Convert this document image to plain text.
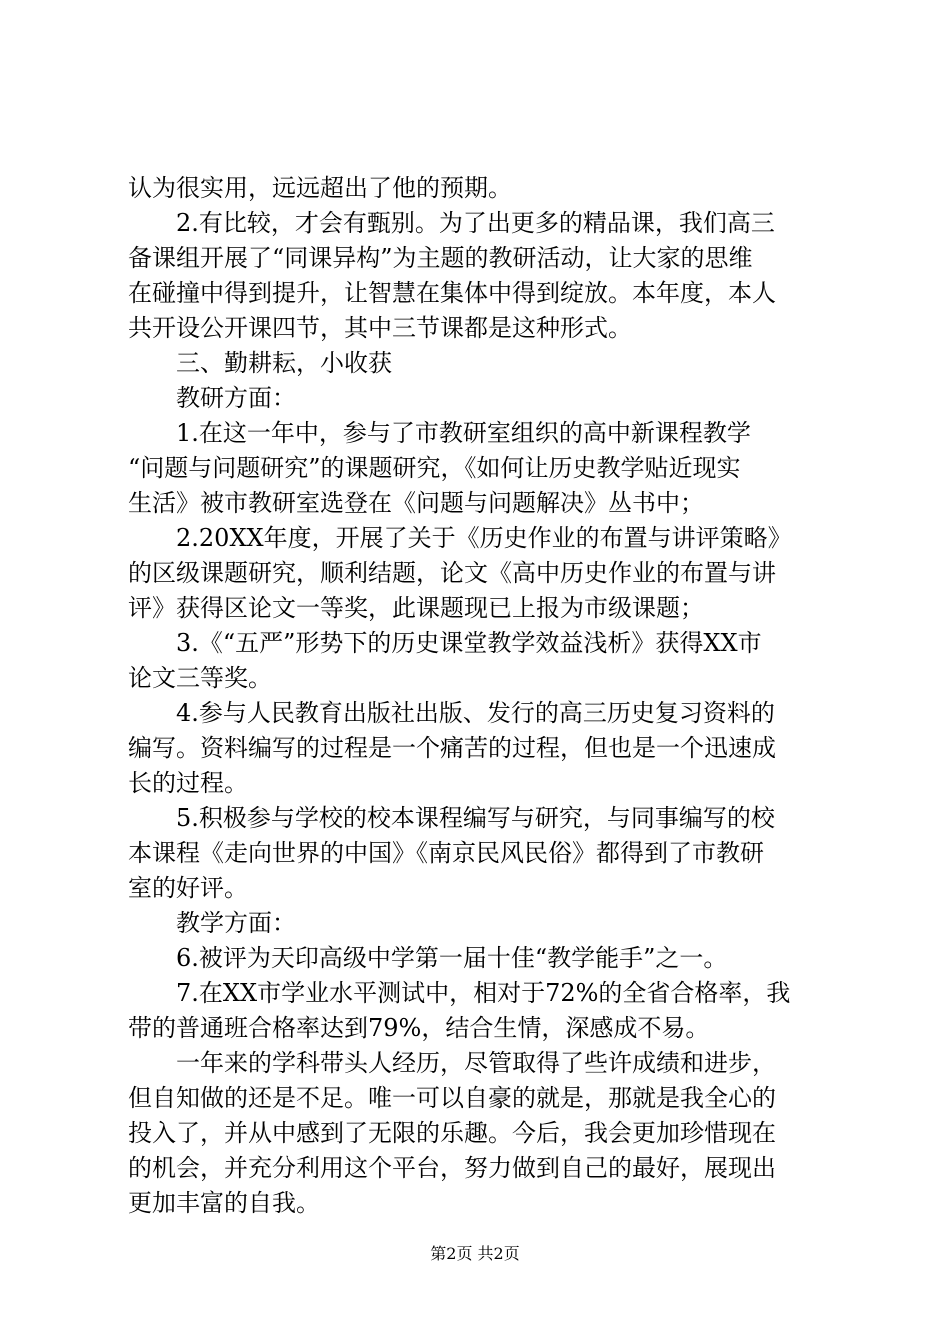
认为很实用，远远超出了他的预期。
2.有比较，才会有甄别。为了出更多的精品课，我们高三
备课组开展了“同课异构”为主题的教研活动，让大家的思维
在碰撞中得到提升，让智慧在集体中得到绽放。本年度，本人
共开设公开课四节，其中三节课都是这种形式。
三、勤耕耘，小收获
教研方面：
1.在这一年中，参与了市教研室组织的高中新课程教学
“问题与问题研究”的课题研究，《如何让历史教学贴近现实
生活》被市教研室选登在《问题与问题解决》丛书中；
2.20XX年度，开展了关于《历史作业的布置与讲评策略》
的区级课题研究，顺利结题，论文《高中历史作业的布置与讲
评》获得区论文一等奖，此课题现已上报为市级课题；
3.《“五严”形势下的历史课堂教学效益浅析》获得XX市
论文三等奖。
4.参与人民教育出版社出版、发行的高三历史复习资料的
编写。资料编写的过程是一个痛苦的过程，但也是一个迅速成
长的过程。
5.积极参与学校的校本课程编写与研究，与同事编写的校
本课程《走向世界的中国》《南京民风民俗》都得到了市教研
室的好评。
教学方面：
6.被评为天印高级中学第一届十佳“教学能手”之一。
7.在XX市学业水平测试中，相对于72%的全省合格率，我
带的普通班合格率达到79%，结合生情，深感成不易。
一年来的学科带头人经历，尽管取得了些许成绩和进步，
但自知做的还是不足。唯一可以自豪的就是，那就是我全心的
投入了，并从中感到了无限的乐趣。今后，我会更加珍惜现在
的机会，并充分利用这个平台，努力做到自己的最好，展现出
更加丰富的自我。
第2页 共2页
